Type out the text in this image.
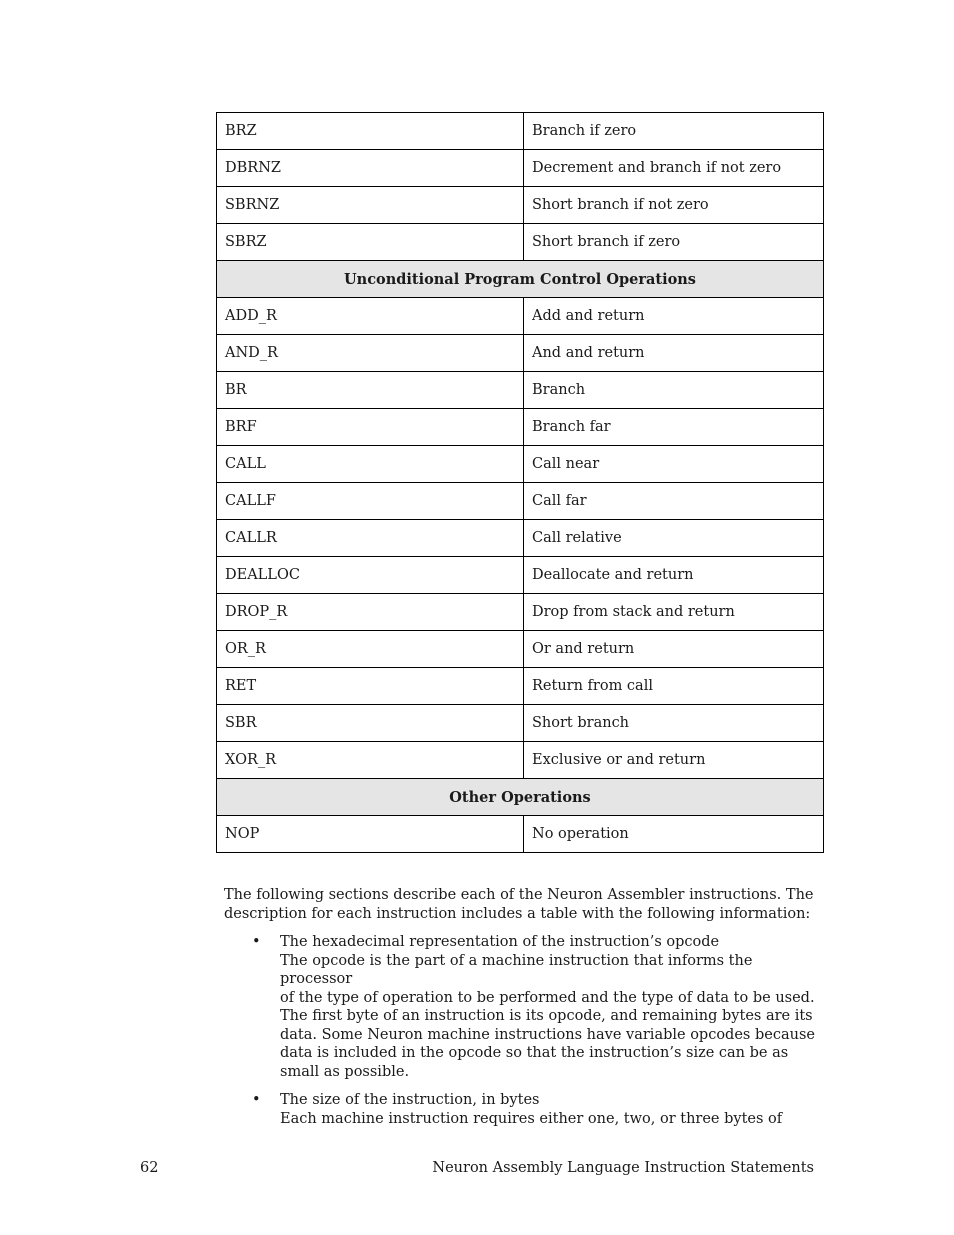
BRZ	Branch if zero
DBRNZ	Decrement and branch if not zero
SBRNZ	Short branch if not zero
SBRZ	Short branch if zero
Unconditional Program Control Operations	
ADD_R	Add and return
AND_R	And and return
BR	Branch
BRF	Branch far
CALL	Call near
CALLF	Call far
CALLR	Call relative
DEALLOC	Deallocate and return
DROP_R	Drop from stack and return
OR_R	Or and return
RET	Return from call
SBR	Short branch
XOR_R	Exclusive or and return
Other Operations	
NOP	No operation

The following sections describe each of the Neuron Assembler instructions. The
description for each instruction includes a table with the following information:

• The hexadecimal representation of the instruction’s opcode
The opcode is the part of a machine instruction that informs the processor
of the type of operation to be performed and the type of data to be used.
The first byte of an instruction is its opcode, and remaining bytes are its
data. Some Neuron machine instructions have variable opcodes because
data is included in the opcode so that the instruction’s size can be as
small as possible.
• The size of the instruction, in bytes
Each machine instruction requires either one, two, or three bytes of
62	Neuron Assembly Language Instruction Statements
